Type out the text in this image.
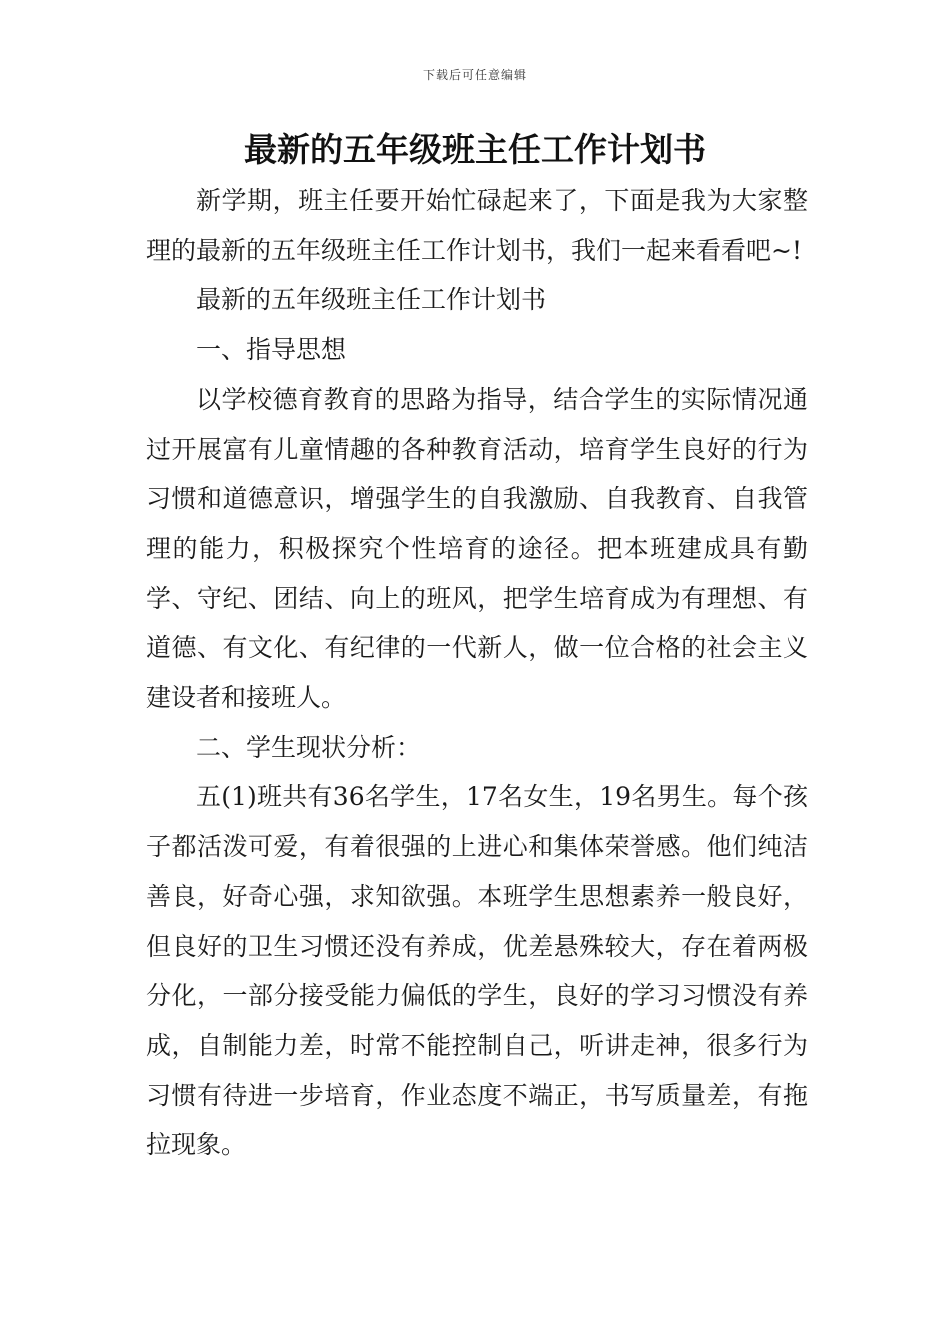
下载后可任意编辑
最新的五年级班主任工作计划书

新学期，班主任要开始忙碌起来了，下面是我为大家整理的最新的五年级班主任工作计划书，我们一起来看看吧~!

最新的五年级班主任工作计划书

一、指导思想

以学校德育教育的思路为指导，结合学生的实际情况通过开展富有儿童情趣的各种教育活动，培育学生良好的行为习惯和道德意识，增强学生的自我激励、自我教育、自我管理的能力，积极探究个性培育的途径。把本班建成具有勤学、守纪、团结、向上的班风，把学生培育成为有理想、有道德、有文化、有纪律的一代新人，做一位合格的社会主义建设者和接班人。

二、学生现状分析：

五(1)班共有36名学生，17名女生，19名男生。每个孩子都活泼可爱，有着很强的上进心和集体荣誉感。他们纯洁善良，好奇心强，求知欲强。本班学生思想素养一般良好，但良好的卫生习惯还没有养成，优差悬殊较大，存在着两极分化，一部分接受能力偏低的学生，良好的学习习惯没有养成，自制能力差，时常不能控制自己，听讲走神，很多行为习惯有待进一步培育，作业态度不端正，书写质量差，有拖拉现象。
